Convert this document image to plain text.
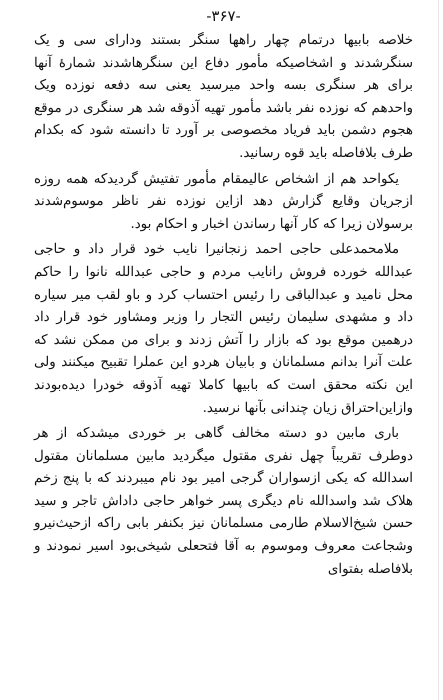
-۳۶۷-

خلاصه بابیها درتمام چهار راهها سنگر بستند ودارای سی و یک سنگرشدند و اشخاصیکه مأمور دفاع این سنگرهاشدند شمارهٔ آنها برای هر سنگری بسه واحد میرسید یعنی سه دفعه نوزده ویک واحدهم که نوزده نفر باشد مأمور تهیه آذوقه شد هر سنگری در موقع هجوم دشمن باید فریاد مخصوصی بر آورد تا دانسته شود که بکدام طرف بلافاصله باید قوه رسانید.

یکواحد هم از اشخاص عالیمقام مأمور تفتیش گردیدکه همه روزه ازجریان وقایع گزارش دهد ازاین نوزده نفر ناظر موسوم‌شدند برسولان زیرا که کار آنها رساندن اخبار و احکام بود.

ملامحمدعلی حاجی احمد زنجانیرا نایب خود قرار داد و حاجی عبدالله خورده فروش رانایب مردم و حاجی عبدالله نانوا را حاکم محل نامید و عبدالباقی را رئیس احتساب کرد و باو لقب میر سیاره داد و مشهدی سلیمان رئیس التجار را وزیر ومشاور خود قرار داد درهمین موقع بود که بازار را آتش زدند و برای من ممکن نشد که علت آنرا بدانم مسلمانان و بابیان هردو این عملرا تقبیح میکنند ولی این نکته محقق است که بابیها کاملا تهیه آذوقه خودرا دیده‌بودند وازاین‌احتراق زیان چندانی بآنها نرسید.

باری مابین دو دسته مخالف گاهی بر خوردی میشدکه از هر دوطرف تقریباً چهل نفری مقتول میگردید مابین مسلمانان مقتول اسدالله که یکی ازسواران گرجی امیر بود نام میبردند که با پنج زخم هلاک شد واسدالله نام دیگری پسر خواهر حاجی داداش تاجر و سید حسن شیخ‌الاسلام طارمی مسلمانان نیز بکنفر بابی راکه ازحیث‌نیرو وشجاعت معروف وموسوم به آقا فتحعلی شیخی‌بود اسیر نمودند و بلافاصله بفتوای
